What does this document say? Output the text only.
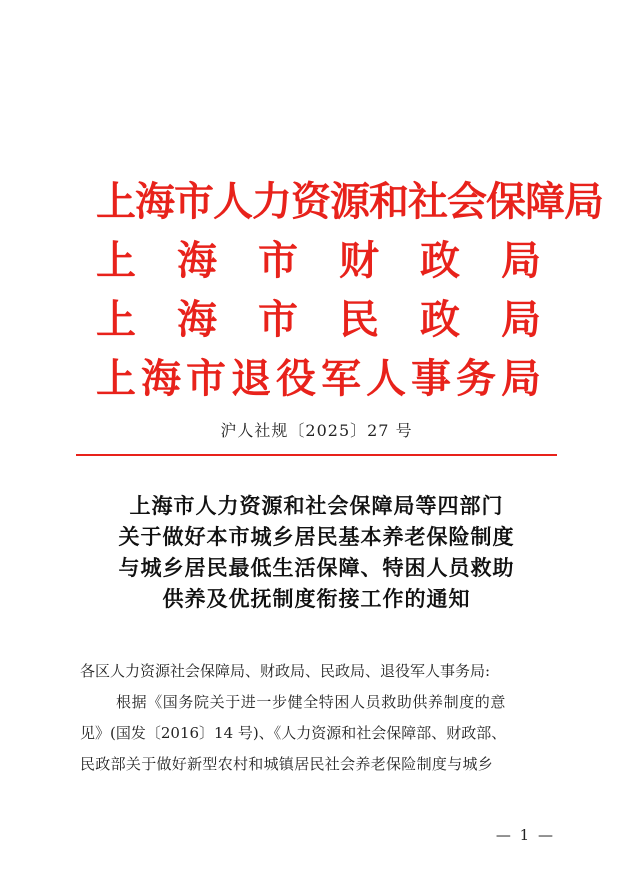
上海市人力资源和社会保障局
上 海 市 财 政 局
上 海 市 民 政 局
上 海 市 退 役 军 人 事 务 局
沪人社规〔2025〕27 号
上海市人力资源和社会保障局等四部门
关于做好本市城乡居民基本养老保险制度
与城乡居民最低生活保障、特困人员救助
供养及优抚制度衔接工作的通知
各区人力资源社会保障局、财政局、民政局、退役军人事务局:
根据《国务院关于进一步健全特困人员救助供养制度的意
见》(国发〔2016〕14 号)、《人力资源和社会保障部、财政部、
民政部关于做好新型农村和城镇居民社会养老保险制度与城乡
— 1 —
